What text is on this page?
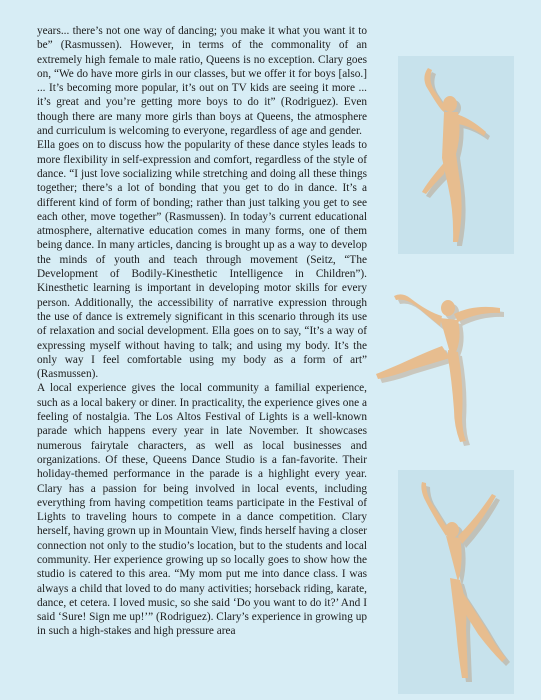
years... there’s not one way of dancing; you make it what you want it to be” (Rasmussen). However, in terms of the commonality of an extremely high female to male ratio, Queens is no exception. Clary goes on, “We do have more girls in our classes, but we offer it for boys [also.] ... It’s becoming more popular, it’s out on TV kids are seeing it more ... it’s great and you’re getting more boys to do it” (Rodriguez). Even though there are many more girls than boys at Queens, the atmosphere and curriculum is welcoming to everyone, regardless of age and gender.

Ella goes on to discuss how the popularity of these dance styles leads to more flexibility in self-expression and comfort, regardless of the style of dance. “I just love socializing while stretching and doing all these things together; there’s a lot of bonding that you get to do in dance. It’s a different kind of form of bonding; rather than just talking you get to see each other, move together” (Rasmussen). In today’s current educational atmosphere, alternative education comes in many forms, one of them being dance. In many articles, dancing is brought up as a way to develop the minds of youth and teach through movement (Seitz, “The Development of Bodily-Kinesthetic Intelligence in Children”). Kinesthetic learning is important in developing motor skills for every person. Additionally, the accessibility of narrative expression through the use of dance is extremely significant in this scenario through its use of relaxation and social development. Ella goes on to say, “It’s a way of expressing myself without having to talk; and using my body. It’s the only way I feel comfortable using my body as a form of art” (Rasmussen).

A local experience gives the local community a familial experience, such as a local bakery or diner. In practicality, the experience gives one a feeling of nostalgia. The Los Altos Festival of Lights is a well-known parade which happens every year in late November. It showcases numerous fairytale characters, as well as local businesses and organizations. Of these, Queens Dance Studio is a fan-favorite. Their holiday-themed performance in the parade is a highlight every year. Clary has a passion for being involved in local events, including everything from having competition teams participate in the Festival of Lights to traveling hours to compete in a dance competition. Clary herself, having grown up in Mountain View, finds herself having a closer connection not only to the studio’s location, but to the students and local community. Her experience growing up so locally goes to show how the studio is catered to this area. “My mom put me into dance class. I was always a child that loved to do many activities; horseback riding, karate, dance, et cetera. I loved music, so she said ‘Do you want to do it?’ And I said ‘Sure! Sign me up!’” (Rodriguez). Clary’s experience in growing up in such a high-stakes and high pressure area
